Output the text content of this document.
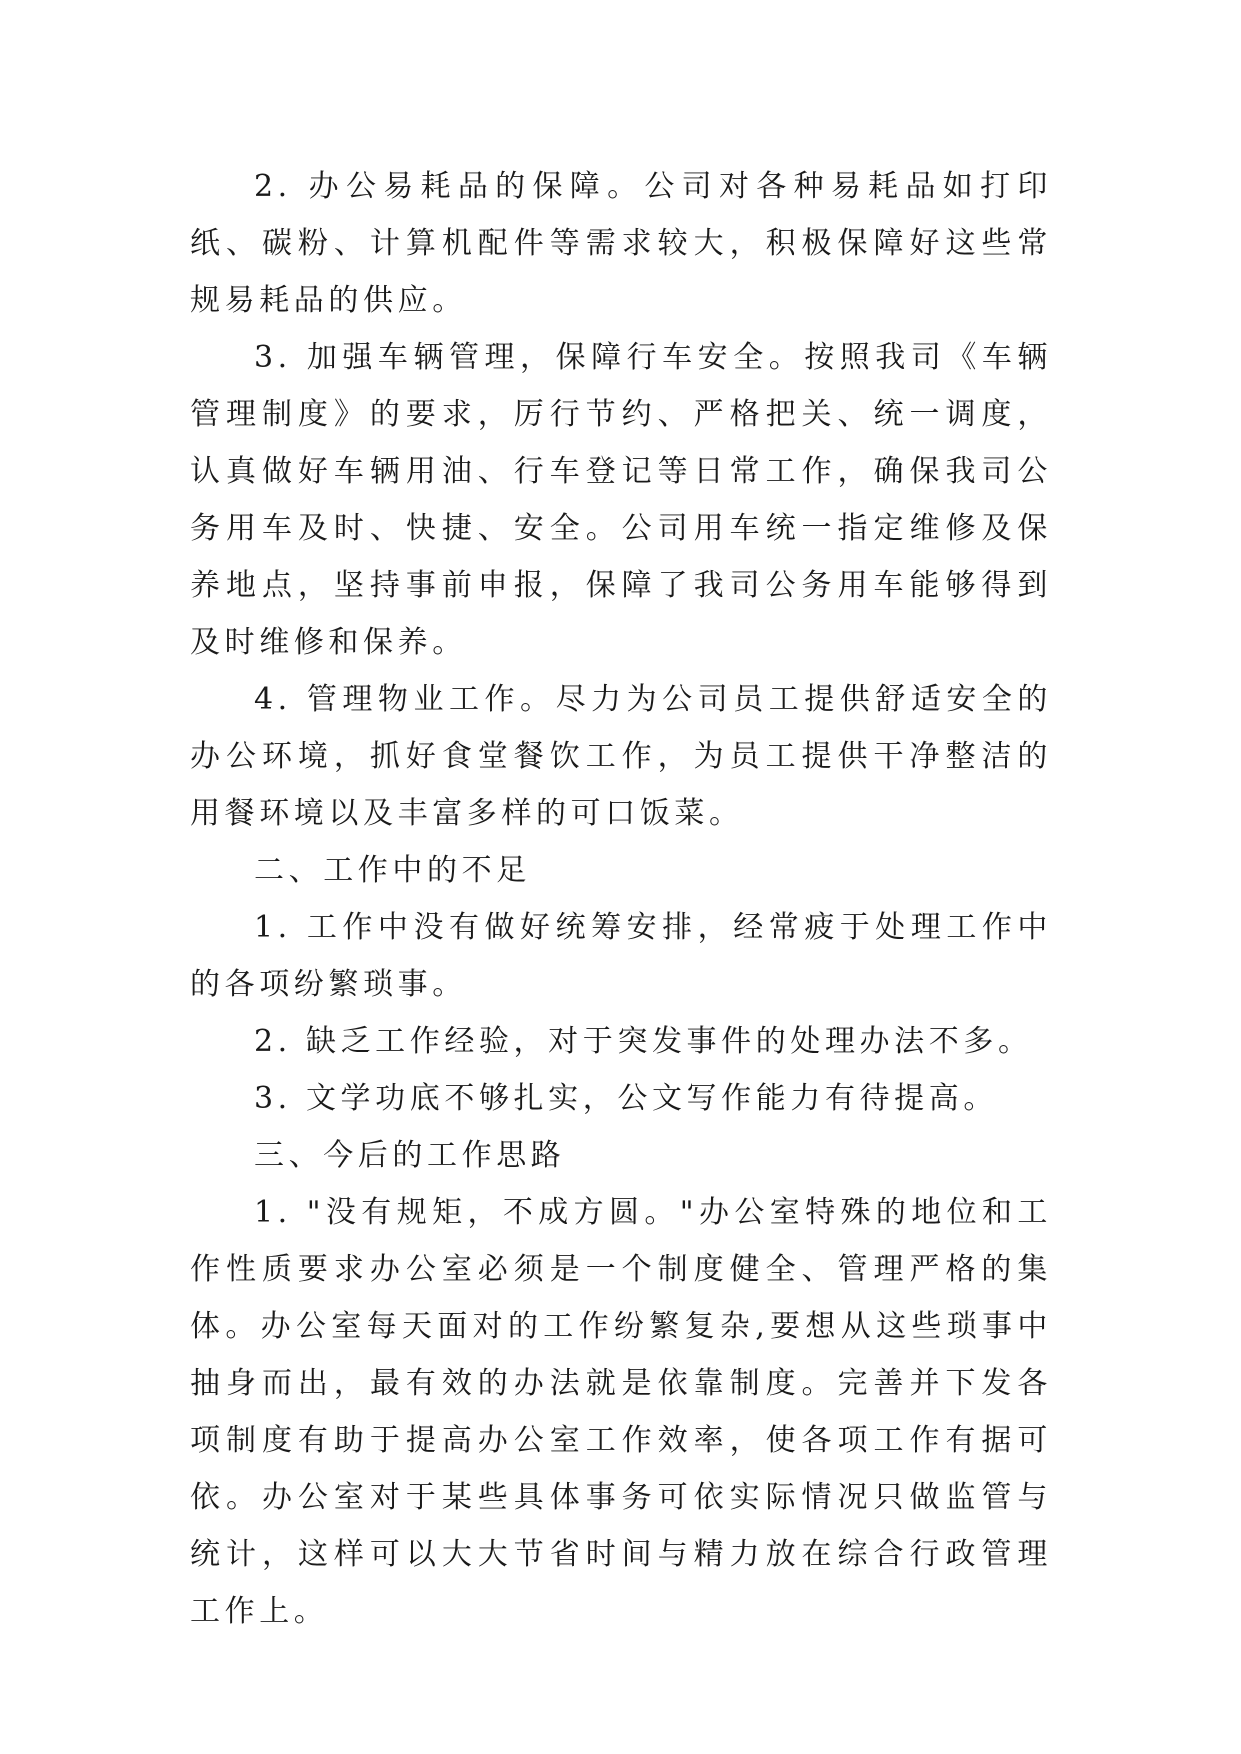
2. 办公易耗品的保障。公司对各种易耗品如打印纸、碳粉、计算机配件等需求较大，积极保障好这些常规易耗品的供应。

3. 加强车辆管理，保障行车安全。按照我司《车辆管理制度》的要求，厉行节约、严格把关、统一调度，认真做好车辆用油、行车登记等日常工作，确保我司公务用车及时、快捷、安全。公司用车统一指定维修及保养地点，坚持事前申报，保障了我司公务用车能够得到及时维修和保养。

4. 管理物业工作。尽力为公司员工提供舒适安全的办公环境，抓好食堂餐饮工作，为员工提供干净整洁的用餐环境以及丰富多样的可口饭菜。

二、工作中的不足

1. 工作中没有做好统筹安排，经常疲于处理工作中的各项纷繁琐事。

2. 缺乏工作经验，对于突发事件的处理办法不多。

3. 文学功底不够扎实，公文写作能力有待提高。

三、今后的工作思路

1. "没有规矩，不成方圆。"办公室特殊的地位和工作性质要求办公室必须是一个制度健全、管理严格的集体。办公室每天面对的工作纷繁复杂,要想从这些琐事中抽身而出，最有效的办法就是依靠制度。完善并下发各项制度有助于提高办公室工作效率，使各项工作有据可依。办公室对于某些具体事务可依实际情况只做监管与统计，这样可以大大节省时间与精力放在综合行政管理工作上。
